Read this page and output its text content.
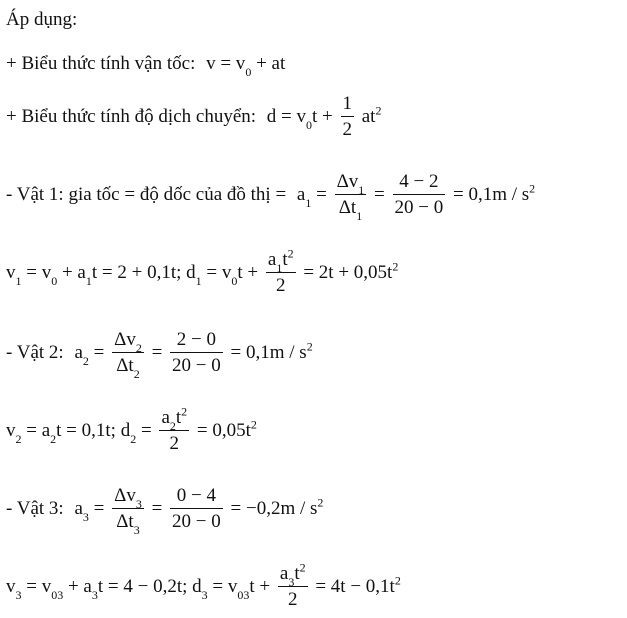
Áp dụng:
+ Biểu thức tính vận tốc: $v = v_0$ + at
+ Biểu thức tính độ dịch chuyển: $d = v_0t + \frac{1}{2} at^2$
- Vật 1: gia tốc = độ dốc của đồ thị = $a_1 = \frac{\Delta v_1}{\Delta t_1} = \frac{4 - 2}{20 - 0} = 0,1m / s^2$
$v_1 = v_0 + a_1t = 2 + 0,1t$; $d_1 = v_0t + \frac{a_1t^2}{2} = 2t + 0,05t^2$
- Vật 2: $a_2 = \frac{\Delta v_2}{\Delta t_2} = \frac{2 - 0}{20 - 0} = 0,1m / s^2$
$v_2 = a_2t = 0,1t$; $d_2 = \frac{a_2t^2}{2} = 0,05t^2$
- Vật 3: $a_3 = \frac{\Delta v_3}{\Delta t_3} = \frac{0 - 4}{20 - 0} = -0,2m / s^2$
$v_3 = v_{03} + a_3t = 4 - 0,2t$; $d_3 = v_{03}t + \frac{a_3t^2}{2} = 4t - 0,1t^2$
